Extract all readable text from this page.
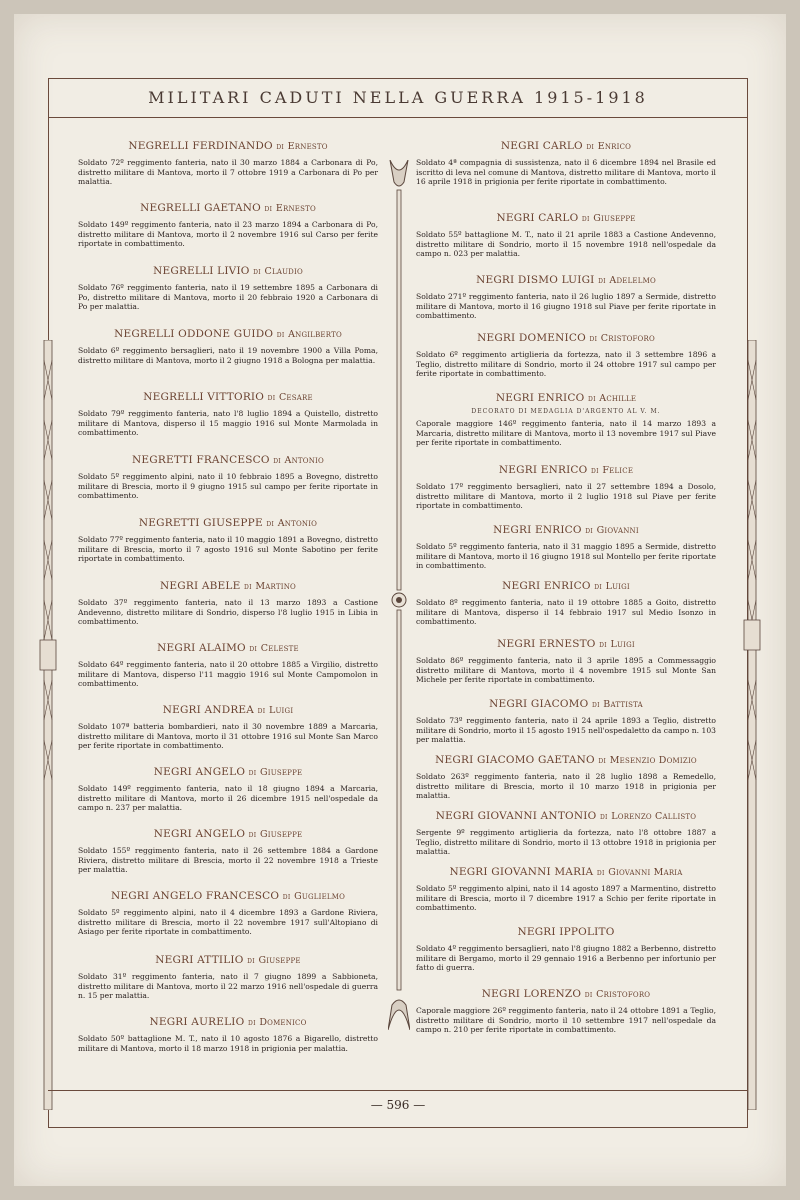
MILITARI CADUTI NELLA GUERRA 1915-1918
NEGRELLI FERDINANDO di Ernesto

Soldato 72º reggimento fanteria, nato il 30 marzo 1884 a Carbonara di Po, distretto militare di Mantova, morto il 7 ottobre 1919 a Carbonara di Po per malattia.

NEGRELLI GAETANO di Ernesto

Soldato 149º reggimento fanteria, nato il 23 marzo 1894 a Carbonara di Po, distretto militare di Mantova, morto il 2 novembre 1916 sul Carso per ferite riportate in combattimento.

NEGRELLI LIVIO di Claudio

Soldato 76º reggimento fanteria, nato il 19 settembre 1895 a Carbonara di Po, distretto militare di Mantova, morto il 20 febbraio 1920 a Carbonara di Po per malattia.

NEGRELLI ODDONE GUIDO di Angilberto

Soldato 6º reggimento bersaglieri, nato il 19 novembre 1900 a Villa Poma, distretto militare di Mantova, morto il 2 giugno 1918 a Bologna per malattia.

NEGRELLI VITTORIO di Cesare

Soldato 79º reggimento fanteria, nato l'8 luglio 1894 a Quistello, distretto militare di Mantova, disperso il 15 maggio 1916 sul Monte Marmolada in combattimento.

NEGRETTI FRANCESCO di Antonio

Soldato 5º reggimento alpini, nato il 10 febbraio 1895 a Bovegno, distretto militare di Brescia, morto il 9 giugno 1915 sul campo per ferite riportate in combattimento.

NEGRETTI GIUSEPPE di Antonio

Soldato 77º reggimento fanteria, nato il 10 maggio 1891 a Bovegno, distretto militare di Brescia, morto il 7 agosto 1916 sul Monte Sabotino per ferite riportate in combattimento.

NEGRI ABELE di Martino

Soldato 37º reggimento fanteria, nato il 13 marzo 1893 a Castione Andevenno, distretto militare di Sondrio, disperso l'8 luglio 1915 in Libia in combattimento.

NEGRI ALAIMO di Celeste

Soldato 64º reggimento fanteria, nato il 20 ottobre 1885 a Virgilio, distretto militare di Mantova, disperso l'11 maggio 1916 sul Monte Campomolon in combattimento.

NEGRI ANDREA di Luigi

Soldato 107ª batteria bombardieri, nato il 30 novembre 1889 a Marcaria, distretto militare di Mantova, morto il 31 ottobre 1916 sul Monte San Marco per ferite riportate in combattimento.

NEGRI ANGELO di Giuseppe

Soldato 149º reggimento fanteria, nato il 18 giugno 1894 a Marcaria, distretto militare di Mantova, morto il 26 dicembre 1915 nell'ospedale da campo n. 237 per malattia.

NEGRI ANGELO di Giuseppe

Soldato 155º reggimento fanteria, nato il 26 settembre 1884 a Gardone Riviera, distretto militare di Brescia, morto il 22 novembre 1918 a Trieste per malattia.

NEGRI ANGELO FRANCESCO di Guglielmo

Soldato 5º reggimento alpini, nato il 4 dicembre 1893 a Gardone Riviera, distretto militare di Brescia, morto il 22 novembre 1917 sull'Altopiano di Asiago per ferite riportate in combattimento.

NEGRI ATTILIO di Giuseppe

Soldato 31º reggimento fanteria, nato il 7 giugno 1899 a Sabbioneta, distretto militare di Mantova, morto il 22 marzo 1916 nell'ospedale di guerra n. 15 per malattia.

NEGRI AURELIO di Domenico

Soldato 50º battaglione M. T., nato il 10 agosto 1876 a Bigarello, distretto militare di Mantova, morto il 18 marzo 1918 in prigionia per malattia.

NEGRI CARLO di Enrico

Soldato 4ª compagnia di sussistenza, nato il 6 dicembre 1894 nel Brasile ed iscritto di leva nel comune di Mantova, distretto militare di Mantova, morto il 16 aprile 1918 in prigionia per ferite riportate in combattimento.

NEGRI CARLO di Giuseppe

Soldato 55º battaglione M. T., nato il 21 aprile 1883 a Castione Andevenno, distretto militare di Sondrio, morto il 15 novembre 1918 nell'ospedale da campo n. 023 per malattia.

NEGRI DISMO LUIGI di Adelelmo

Soldato 271º reggimento fanteria, nato il 26 luglio 1897 a Sermide, distretto militare di Mantova, morto il 16 giugno 1918 sul Piave per ferite riportate in combattimento.

NEGRI DOMENICO di Cristoforo

Soldato 6º reggimento artiglieria da fortezza, nato il 3 settembre 1896 a Teglio, distretto militare di Sondrio, morto il 24 ottobre 1917 sul campo per ferite riportate in combattimento.

NEGRI ENRICO di Achille
DECORATO DI MEDAGLIA D'ARGENTO AL V. M.

Caporale maggiore 146º reggimento fanteria, nato il 14 marzo 1893 a Marcaria, distretto militare di Mantova, morto il 13 novembre 1917 sul Piave per ferite riportate in combattimento.

NEGRI ENRICO di Felice

Soldato 17º reggimento bersaglieri, nato il 27 settembre 1894 a Dosolo, distretto militare di Mantova, morto il 2 luglio 1918 sul Piave per ferite riportate in combattimento.

NEGRI ENRICO di Giovanni

Soldato 5º reggimento fanteria, nato il 31 maggio 1895 a Sermide, distretto militare di Mantova, morto il 16 giugno 1918 sul Montello per ferite riportate in combattimento.

NEGRI ENRICO di Luigi

Soldato 8º reggimento fanteria, nato il 19 ottobre 1885 a Goito, distretto militare di Mantova, disperso il 14 febbraio 1917 sul Medio Isonzo in combattimento.

NEGRI ERNESTO di Luigi

Soldato 86º reggimento fanteria, nato il 3 aprile 1895 a Commessaggio distretto militare di Mantova, morto il 4 novembre 1915 sul Monte San Michele per ferite riportate in combattimento.

NEGRI GIACOMO di Battista

Soldato 73º reggimento fanteria, nato il 24 aprile 1893 a Teglio, distretto militare di Sondrio, morto il 15 agosto 1915 nell'ospedaletto da campo n. 103 per malattia.

NEGRI GIACOMO GAETANO di Mesenzio Domizio

Soldato 263º reggimento fanteria, nato il 28 luglio 1898 a Remedello, distretto militare di Brescia, morto il 10 marzo 1918 in prigionia per malattia.

NEGRI GIOVANNI ANTONIO di Lorenzo Callisto

Sergente 9º reggimento artiglieria da fortezza, nato l'8 ottobre 1887 a Teglio, distretto militare di Sondrio, morto il 13 ottobre 1918 in prigionia per malattia.

NEGRI GIOVANNI MARIA di Giovanni Maria

Soldato 5º reggimento alpini, nato il 14 agosto 1897 a Marmentino, distretto militare di Brescia, morto il 7 dicembre 1917 a Schio per ferite riportate in combattimento.

NEGRI IPPOLITO

Soldato 4º reggimento bersaglieri, nato l'8 giugno 1882 a Berbenno, distretto militare di Bergamo, morto il 29 gennaio 1916 a Berbenno per infortunio per fatto di guerra.

NEGRI LORENZO di Cristoforo

Caporale maggiore 26º reggimento fanteria, nato il 24 ottobre 1891 a Teglio, distretto militare di Sondrio, morto il 10 settembre 1917 nell'ospedale da campo n. 210 per ferite riportate in combattimento.

— 596 —
